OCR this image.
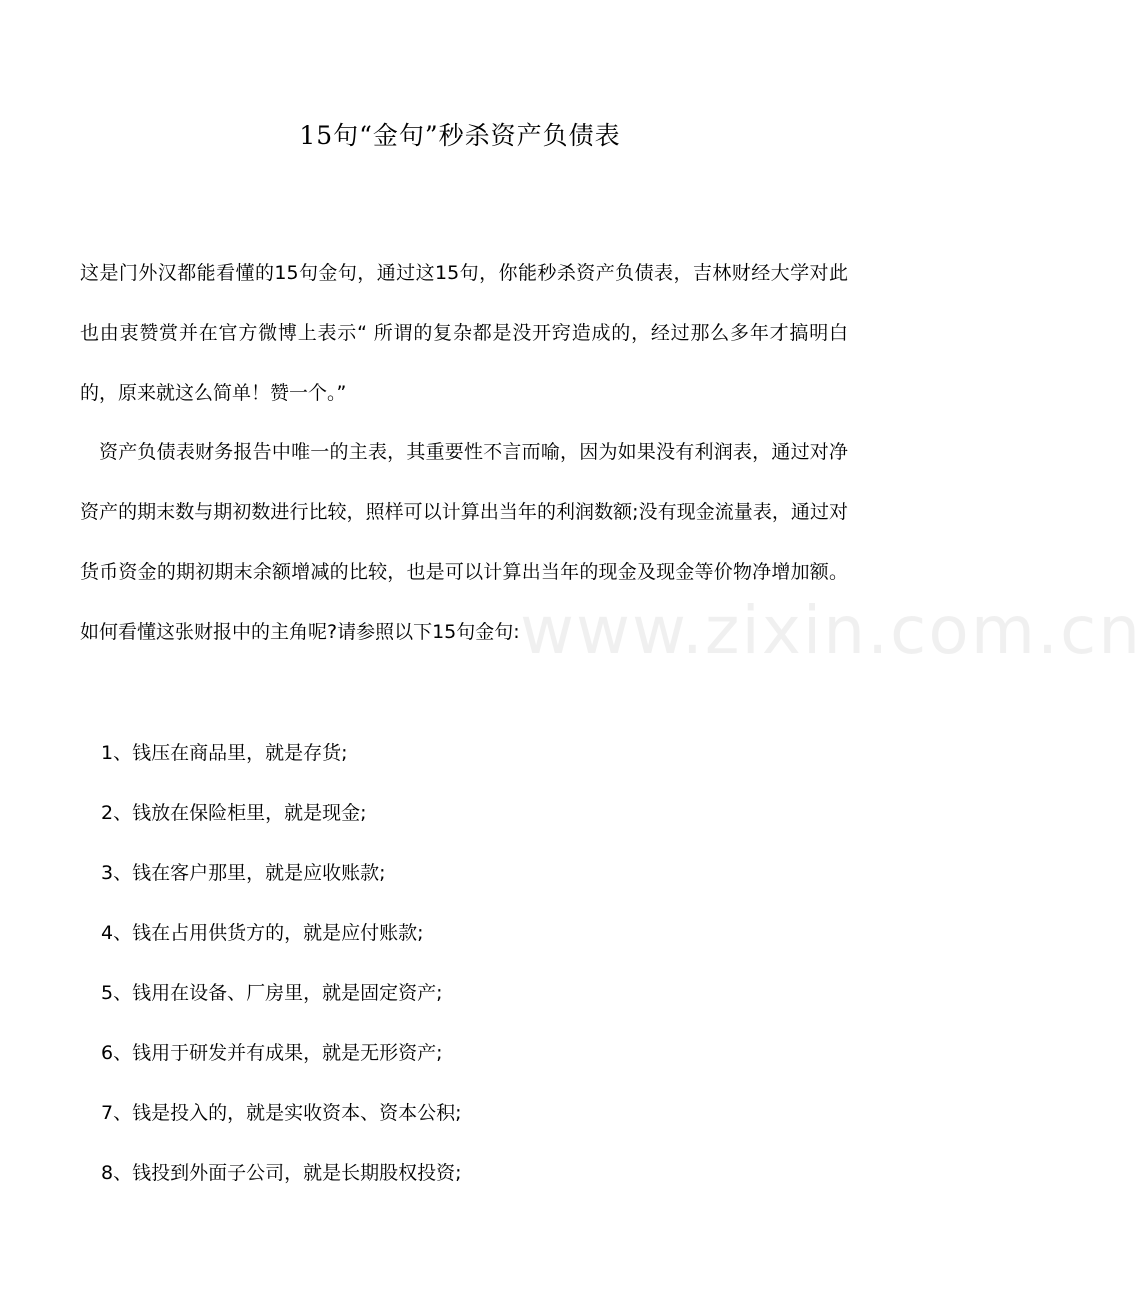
www.zixin.com.cn
15句“金句”秒杀资产负债表
这是门外汉都能看懂的15句金句，通过这15句，你能秒杀资产负债表，吉林财经大学对此也由衷赞赏并在官方微博上表示“ 所谓的复杂都是没开窍造成的，经过那么多年才搞明白的，原来就这么简单！赞一个。”
资产负债表财务报告中唯一的主表，其重要性不言而喻，因为如果没有利润表，通过对净资产的期末数与期初数进行比较，照样可以计算出当年的利润数额;没有现金流量表，通过对货币资金的期初期末余额增减的比较，也是可以计算出当年的现金及现金等价物净增加额。如何看懂这张财报中的主角呢?请参照以下15句金句:
1、钱压在商品里，就是存货;
2、钱放在保险柜里，就是现金;
3、钱在客户那里，就是应收账款;
4、钱在占用供货方的，就是应付账款;
5、钱用在设备、厂房里，就是固定资产;
6、钱用于研发并有成果，就是无形资产;
7、钱是投入的，就是实收资本、资本公积;
8、钱投到外面子公司，就是长期股权投资;
